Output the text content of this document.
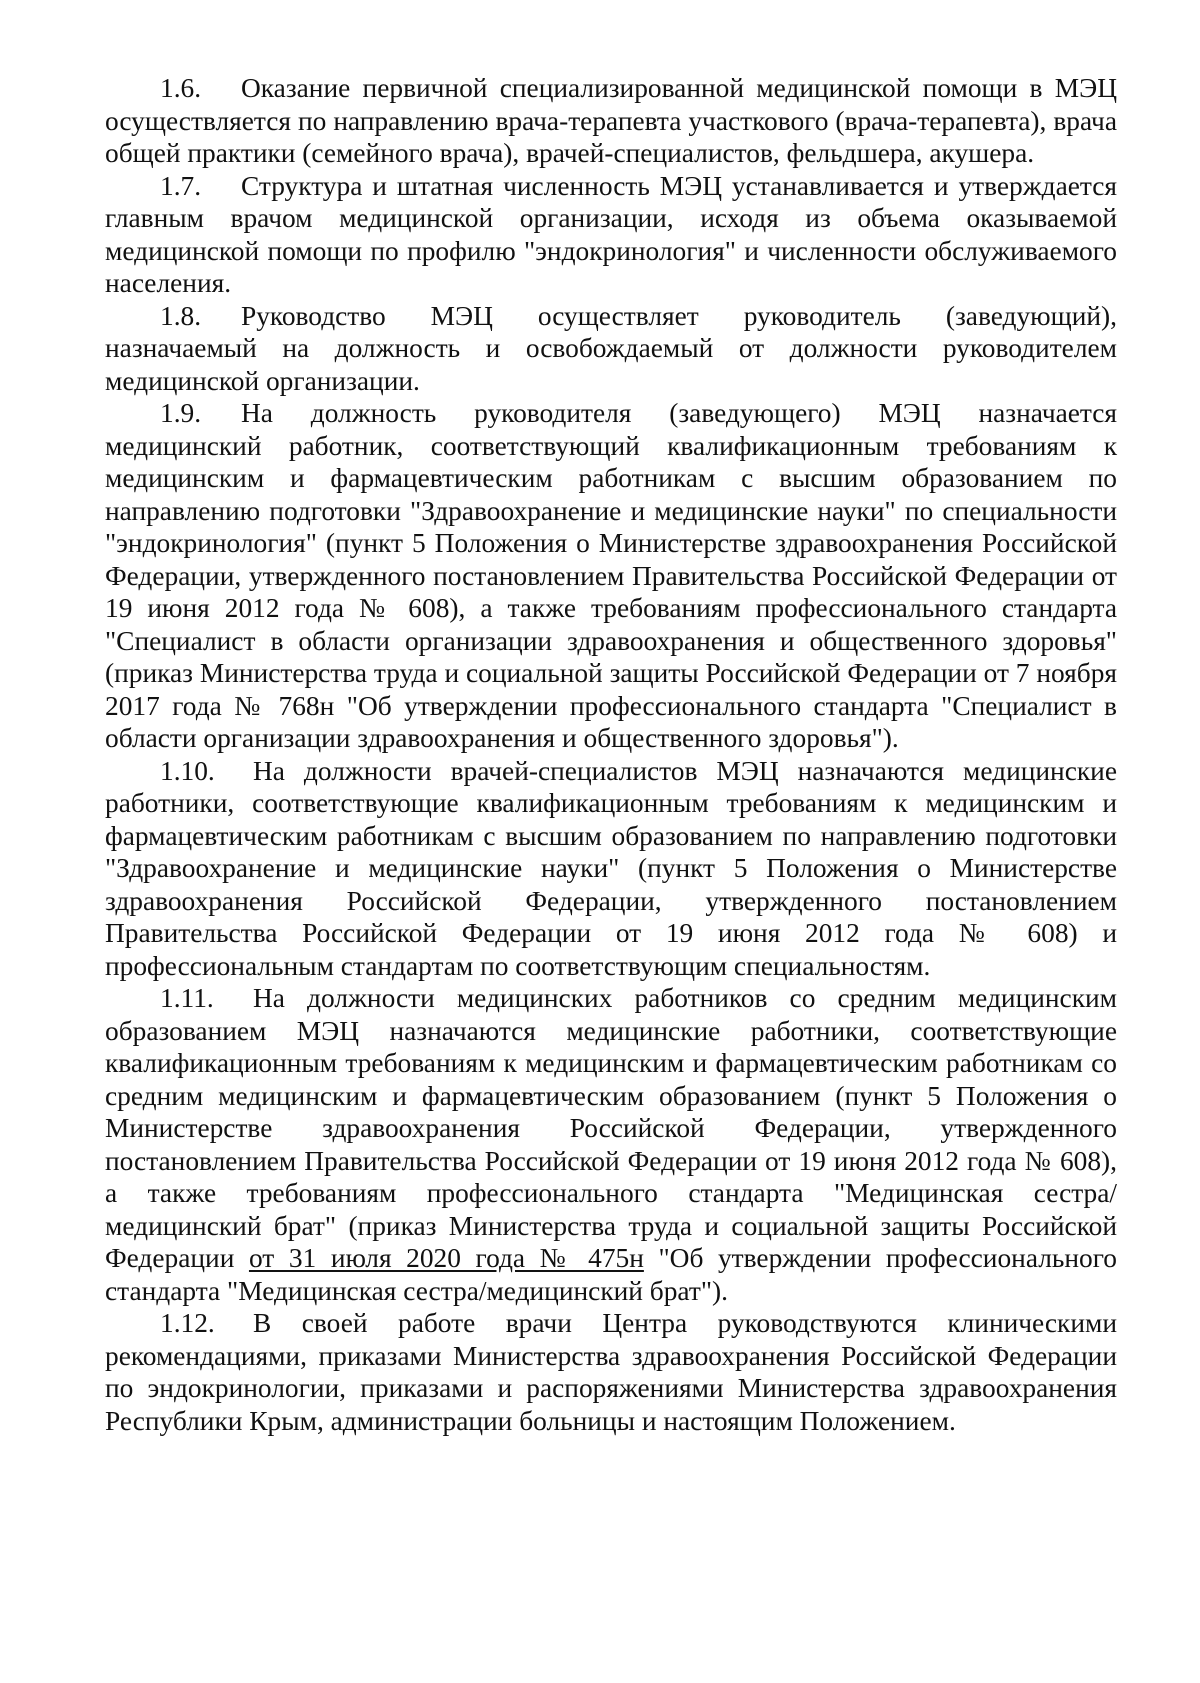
1.6. Оказание первичной специализированной медицинской помощи в МЭЦ осуществляется по направлению врача-терапевта участкового (врача-терапевта), врача общей практики (семейного врача), врачей-специалистов, фельдшера, акушера.

1.7. Структура и штатная численность МЭЦ устанавливается и утверждается главным врачом медицинской организации, исходя из объема оказываемой медицинской помощи по профилю "эндокринология" и численности обслуживаемого населения.

1.8. Руководство МЭЦ осуществляет руководитель (заведующий), назначаемый на должность и освобождаемый от должности руководителем медицинской организации.

1.9. На должность руководителя (заведующего) МЭЦ назначается медицинский работник, соответствующий квалификационным требованиям к медицинским и фармацевтическим работникам с высшим образованием по направлению подготовки "Здравоохранение и медицинские науки" по специальности "эндокринология" (пункт 5 Положения о Министерстве здравоохранения Российской Федерации, утвержденного постановлением Правительства Российской Федерации от 19 июня 2012 года № 608), а также требованиям профессионального стандарта "Специалист в области организации здравоохранения и общественного здоровья" (приказ Министерства труда и социальной защиты Российской Федерации от 7 ноября 2017 года № 768н "Об утверждении профессионального стандарта "Специалист в области организации здравоохранения и общественного здоровья").

1.10. На должности врачей-специалистов МЭЦ назначаются медицинские работники, соответствующие квалификационным требованиям к медицинским и фармацевтическим работникам с высшим образованием по направлению подготовки "Здравоохранение и медицинские науки" (пункт 5 Положения о Министерстве здравоохранения Российской Федерации, утвержденного постановлением Правительства Российской Федерации от 19 июня 2012 года № 608) и профессиональным стандартам по соответствующим специальностям.

1.11. На должности медицинских работников со средним медицинским образованием МЭЦ назначаются медицинские работники, соответствующие квалификационным требованиям к медицинским и фармацевтическим работникам со средним медицинским и фармацевтическим образованием (пункт 5 Положения о Министерстве здравоохранения Российской Федерации, утвержденного постановлением Правительства Российской Федерации от 19 июня 2012 года № 608), а также требованиям профессионального стандарта "Медицинская сестра/медицинский брат" (приказ Министерства труда и социальной защиты Российской Федерации от 31 июля 2020 года № 475н "Об утверждении профессионального стандарта "Медицинская сестра/медицинский брат").

1.12. В своей работе врачи Центра руководствуются клиническими рекомендациями, приказами Министерства здравоохранения Российской Федерации по эндокринологии, приказами и распоряжениями Министерства здравоохранения Республики Крым, администрации больницы и настоящим Положением.
